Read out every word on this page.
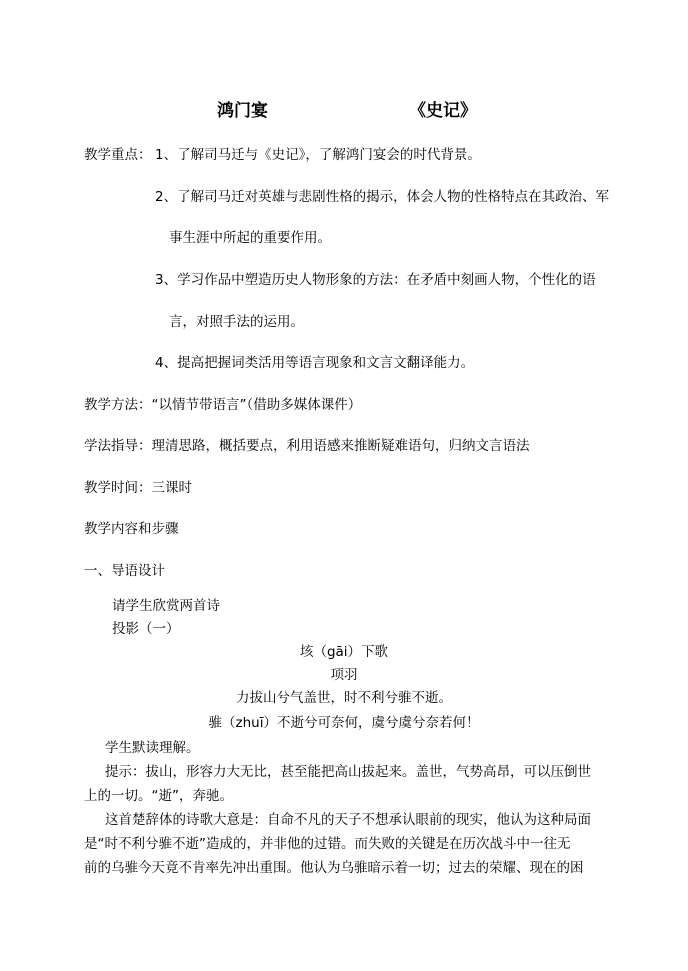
鸿门宴	《史记》
教学重点： 1、了解司马迁与《史记》，了解鸿门宴会的时代背景。
2、了解司马迁对英雄与悲剧性格的揭示，体会人物的性格特点在其政治、军
事生涯中所起的重要作用。
3、学习作品中塑造历史人物形象的方法：在矛盾中刻画人物，个性化的语
言，对照手法的运用。
4、提高把握词类活用等语言现象和文言文翻译能力。
教学方法：“以情节带语言”（借助多媒体课件）
学法指导：理清思路，概括要点，利用语感来推断疑难语句，归纳文言语法
教学时间：三课时
教学内容和步骤
一、导语设计
请学生欣赏两首诗
投影（一）
垓（gāi）下歌
项羽
力拔山兮气盖世，时不利兮骓不逝。
骓（zhuī）不逝兮可奈何，虞兮虞兮奈若何！
学生默读理解。
提示：拔山，形容力大无比，甚至能把高山拔起来。盖世，气势高昂，可以压倒世
上的一切。“逝”，奔驰。
这首楚辞体的诗歌大意是：自命不凡的天子不想承认眼前的现实，他认为这种局面
是“时不利兮骓不逝”造成的，并非他的过错。而失败的关键是在历次战斗中一往无
前的乌骓今天竟不肯率先冲出重围。他认为乌骓暗示着一切；过去的荣耀、现在的困
